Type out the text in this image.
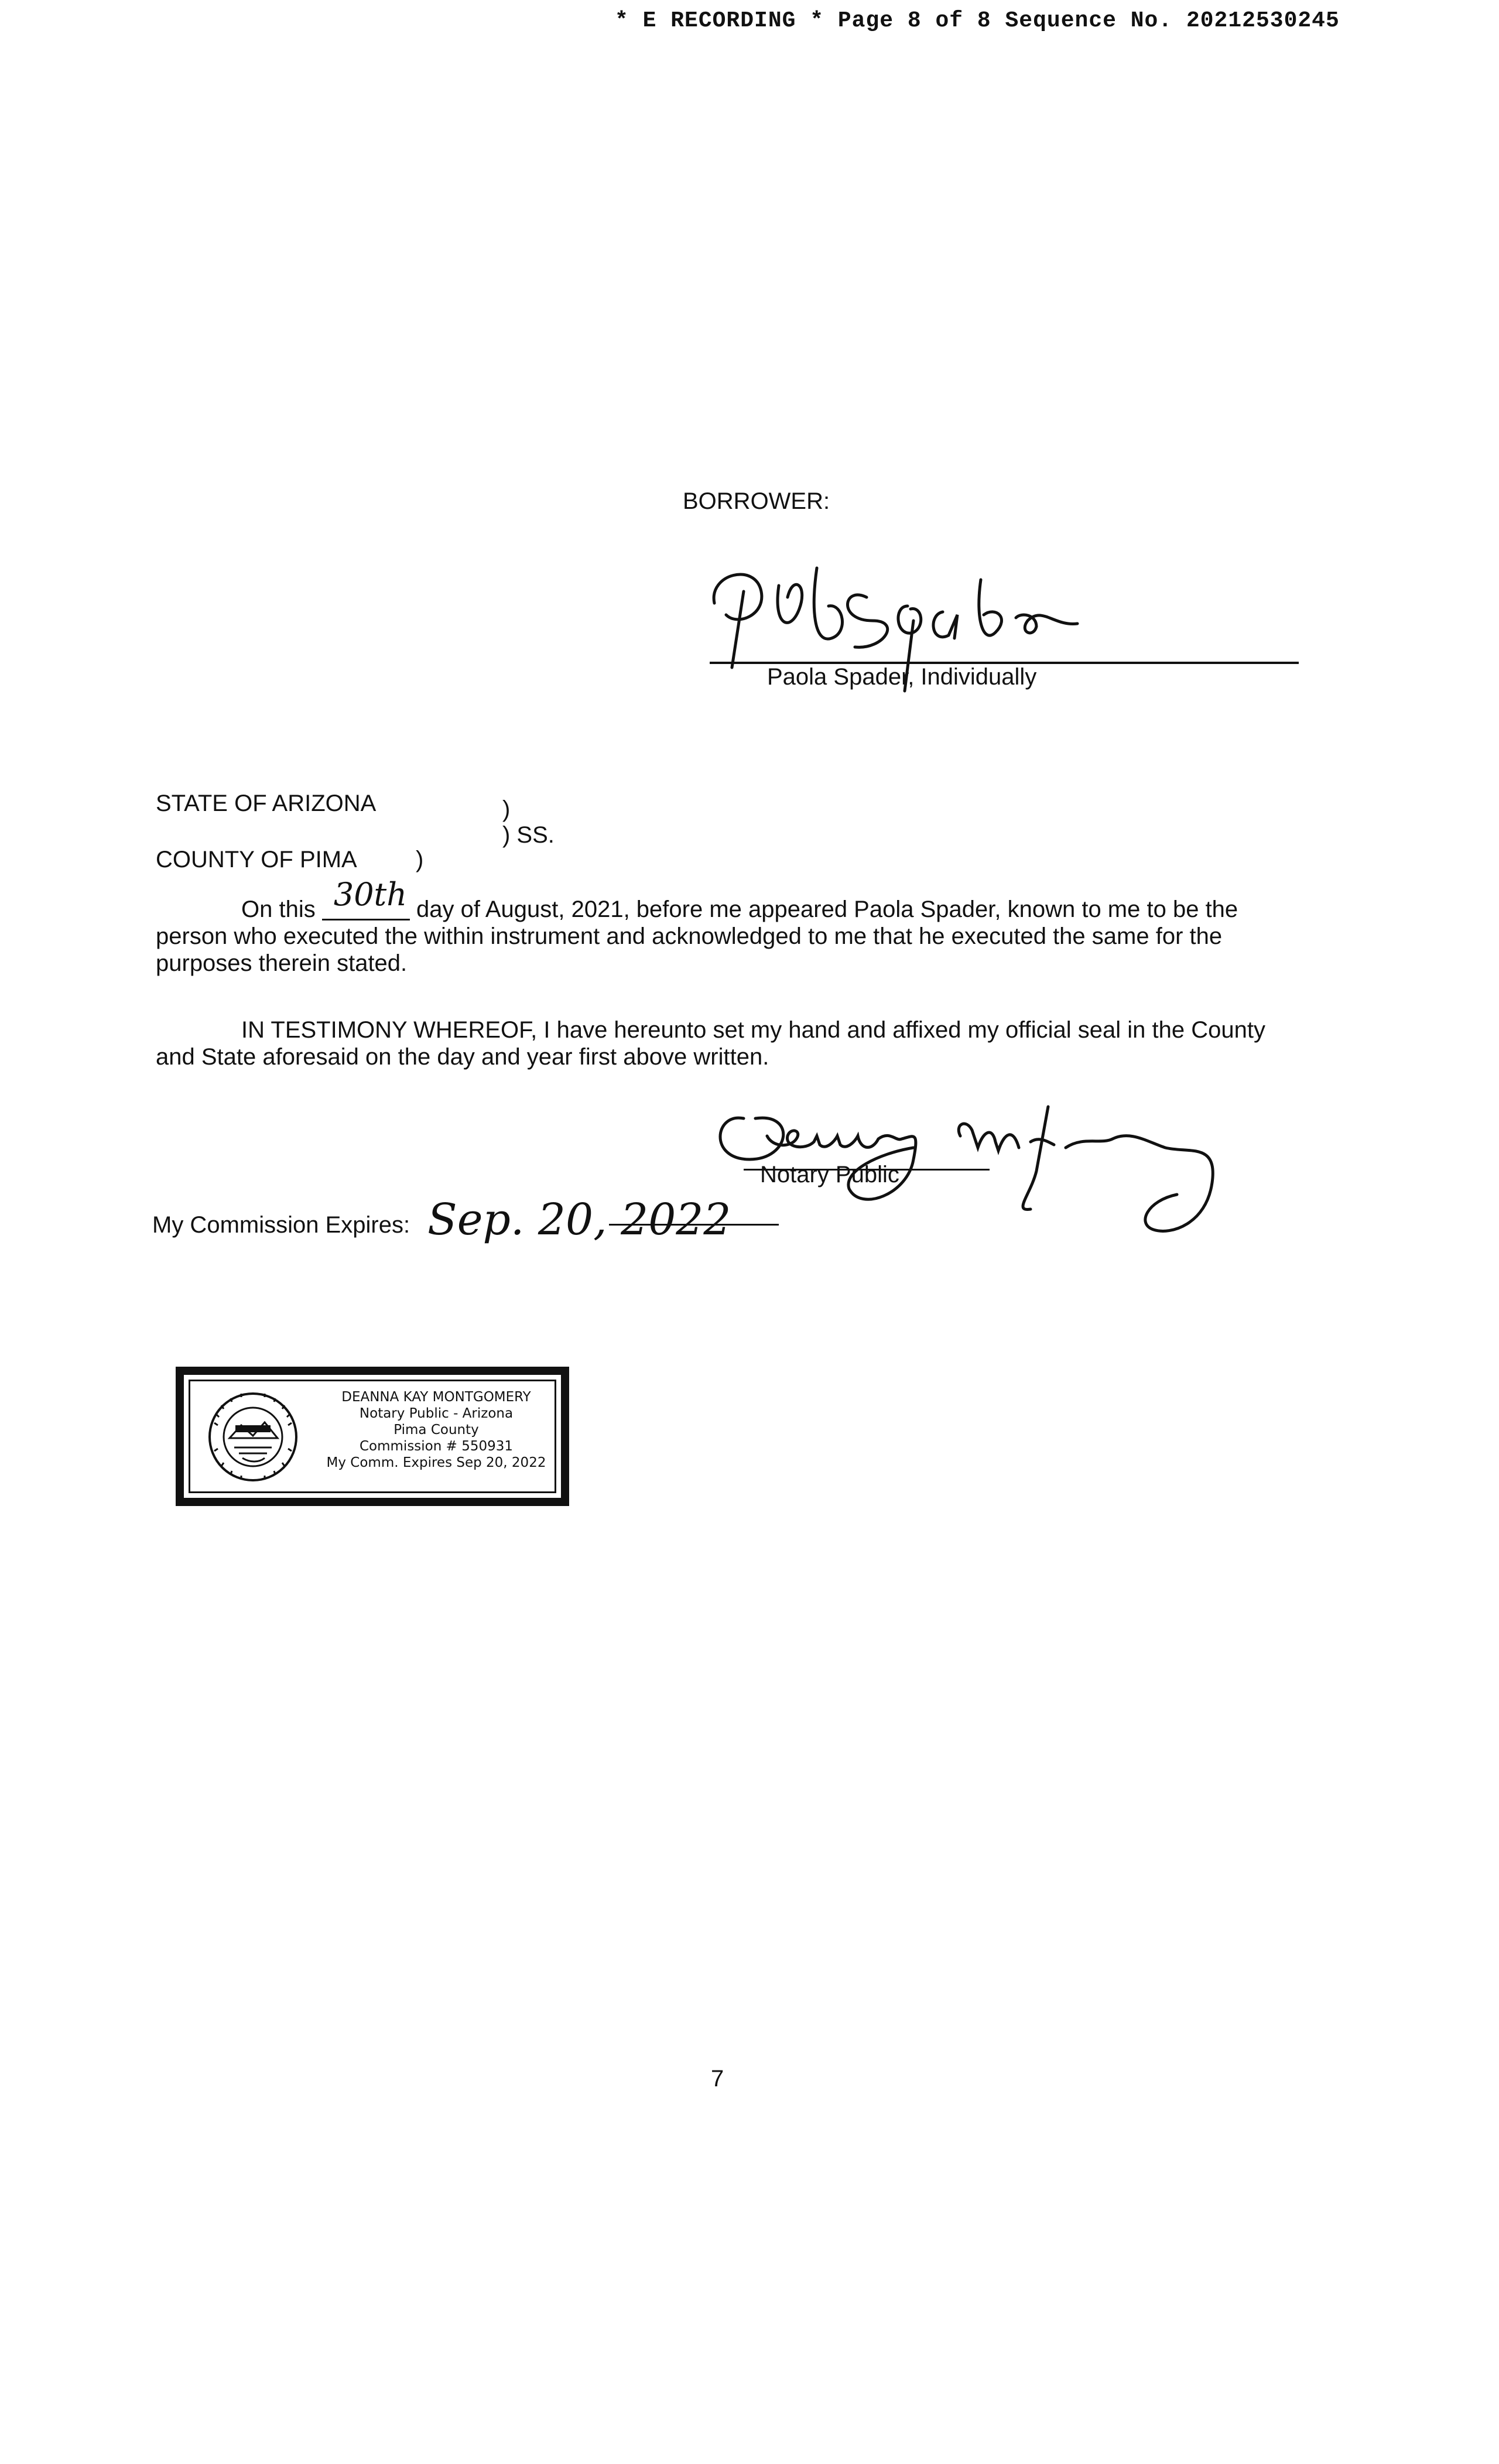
* E RECORDING * Page 8 of 8 Sequence No. 20212530245
BORROWER:
Paola Spader, Individually
STATE OF ARIZONA	)
) SS.
COUNTY OF PIMA	)
On this 30th day of August, 2021, before me appeared Paola Spader, known to me to be the person who executed the within instrument and acknowledged to me that he executed the same for the purposes therein stated.
IN TESTIMONY WHEREOF, I have hereunto set my hand and affixed my official seal in the County and State aforesaid on the day and year first above written.
Notary Public
My Commission Expires: Sep. 20, 2022
DEANNA KAY MONTGOMERY
Notary Public - Arizona
Pima County
Commission # 550931
My Comm. Expires Sep 20, 2022
7
